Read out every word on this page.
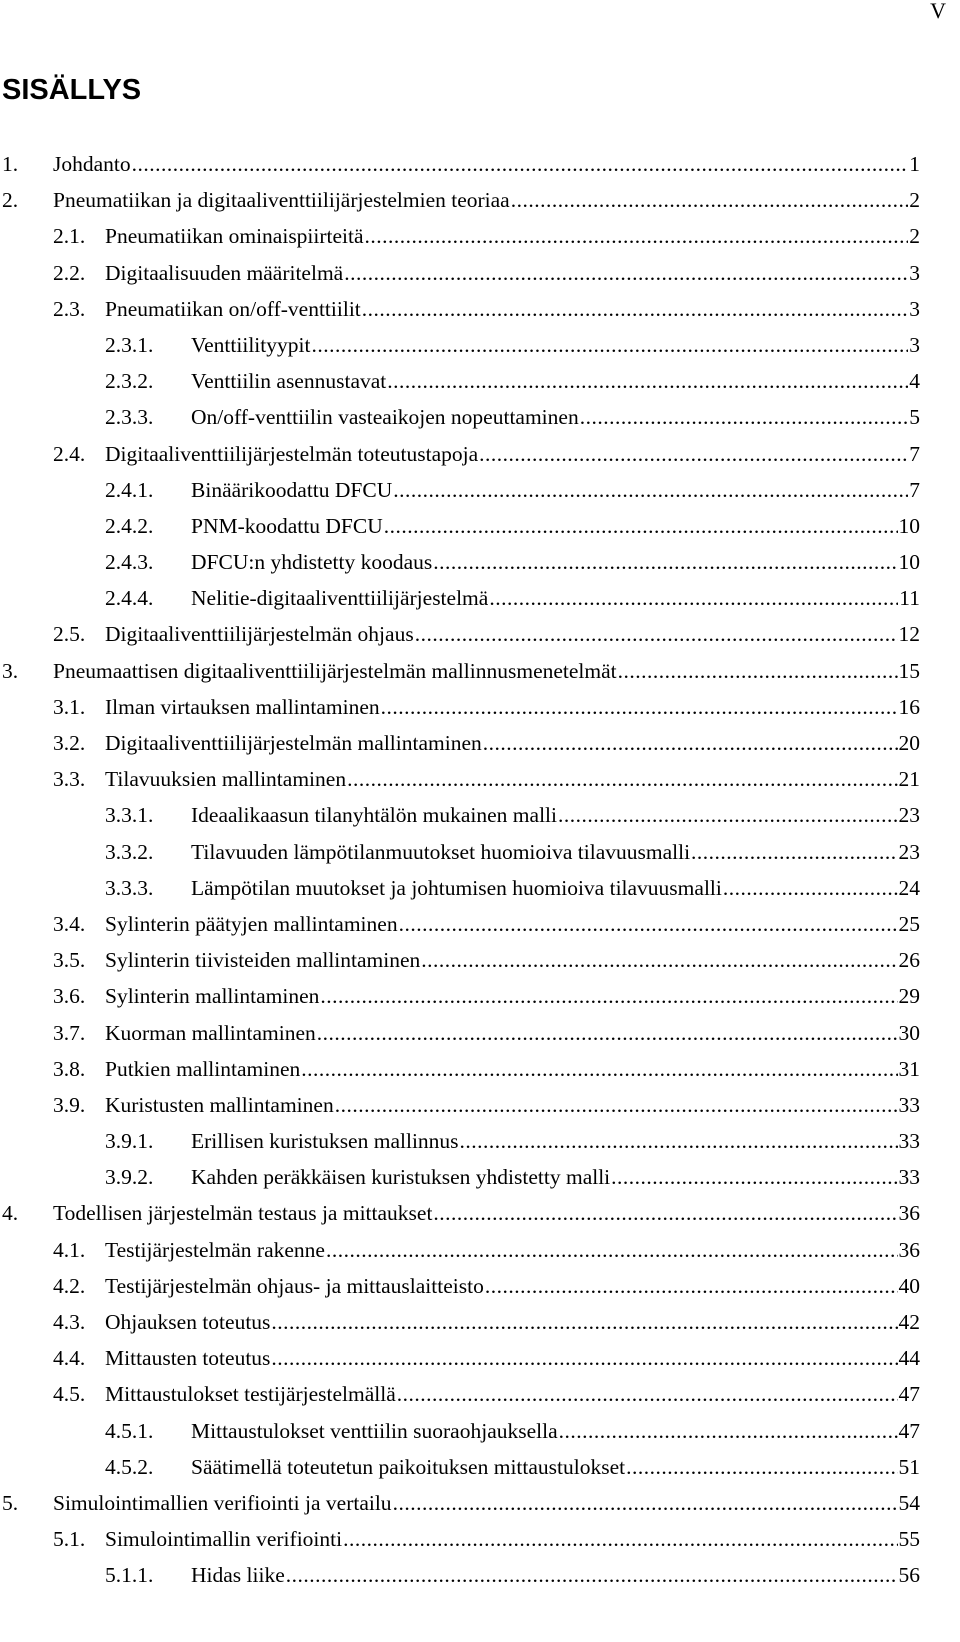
V
SISÄLLYS
1. Johdanto .....	1
2. Pneumatiikan ja digitaaliventtiilijärjestelmien teoriaa .....	2
2.1. Pneumatiikan ominaispiirteitä .....	2
2.2. Digitaalisuuden määritelmä .....	3
2.3. Pneumatiikan on/off-venttiilit .....	3
2.3.1. Venttiilityypit .....	3
2.3.2. Venttiilin asennustavat .....	4
2.3.3. On/off-venttiilin vasteaikojen nopeuttaminen .....	5
2.4. Digitaaliventtiilijärjestelmän toteutustapoja .....	7
2.4.1. Binäärikoodattu DFCU .....	7
2.4.2. PNM-koodattu DFCU .....	10
2.4.3. DFCU:n yhdistetty koodaus .....	10
2.4.4. Nelitie-digitaaliventtiilijärjestelmä .....	11
2.5. Digitaaliventtiilijärjestelmän ohjaus .....	12
3. Pneumaattisen digitaaliventtiilijärjestelmän mallinnusmenetelmät .....	15
3.1. Ilman virtauksen mallintaminen .....	16
3.2. Digitaaliventtiilijärjestelmän mallintaminen .....	20
3.3. Tilavuuksien mallintaminen .....	21
3.3.1. Ideaalikaasun tilanyhtälön mukainen malli .....	23
3.3.2. Tilavuuden lämpötilanmuutokset huomioiva tilavuusmalli .....	23
3.3.3. Lämpötilan muutokset ja johtumisen huomioiva tilavuusmalli .....	24
3.4. Sylinterin päätyjen mallintaminen .....	25
3.5. Sylinterin tiivisteiden mallintaminen .....	26
3.6. Sylinterin mallintaminen .....	29
3.7. Kuorman mallintaminen .....	30
3.8. Putkien mallintaminen .....	31
3.9. Kuristusten mallintaminen .....	33
3.9.1. Erillisen kuristuksen mallinnus .....	33
3.9.2. Kahden peräkkäisen kuristuksen yhdistetty malli .....	33
4. Todellisen järjestelmän testaus ja mittaukset .....	36
4.1. Testijärjestelmän rakenne .....	36
4.2. Testijärjestelmän ohjaus- ja mittauslaitteisto .....	40
4.3. Ohjauksen toteutus .....	42
4.4. Mittausten toteutus .....	44
4.5. Mittaustulokset testijärjestelmällä .....	47
4.5.1. Mittaustulokset venttiilin suoraohjauksella .....	47
4.5.2. Säätimellä toteutetun paikoituksen mittaustulokset .....	51
5. Simulointimallien verifiointi ja vertailu .....	54
5.1. Simulointimallin verifiointi .....	55
5.1.1. Hidas liike .....	56
